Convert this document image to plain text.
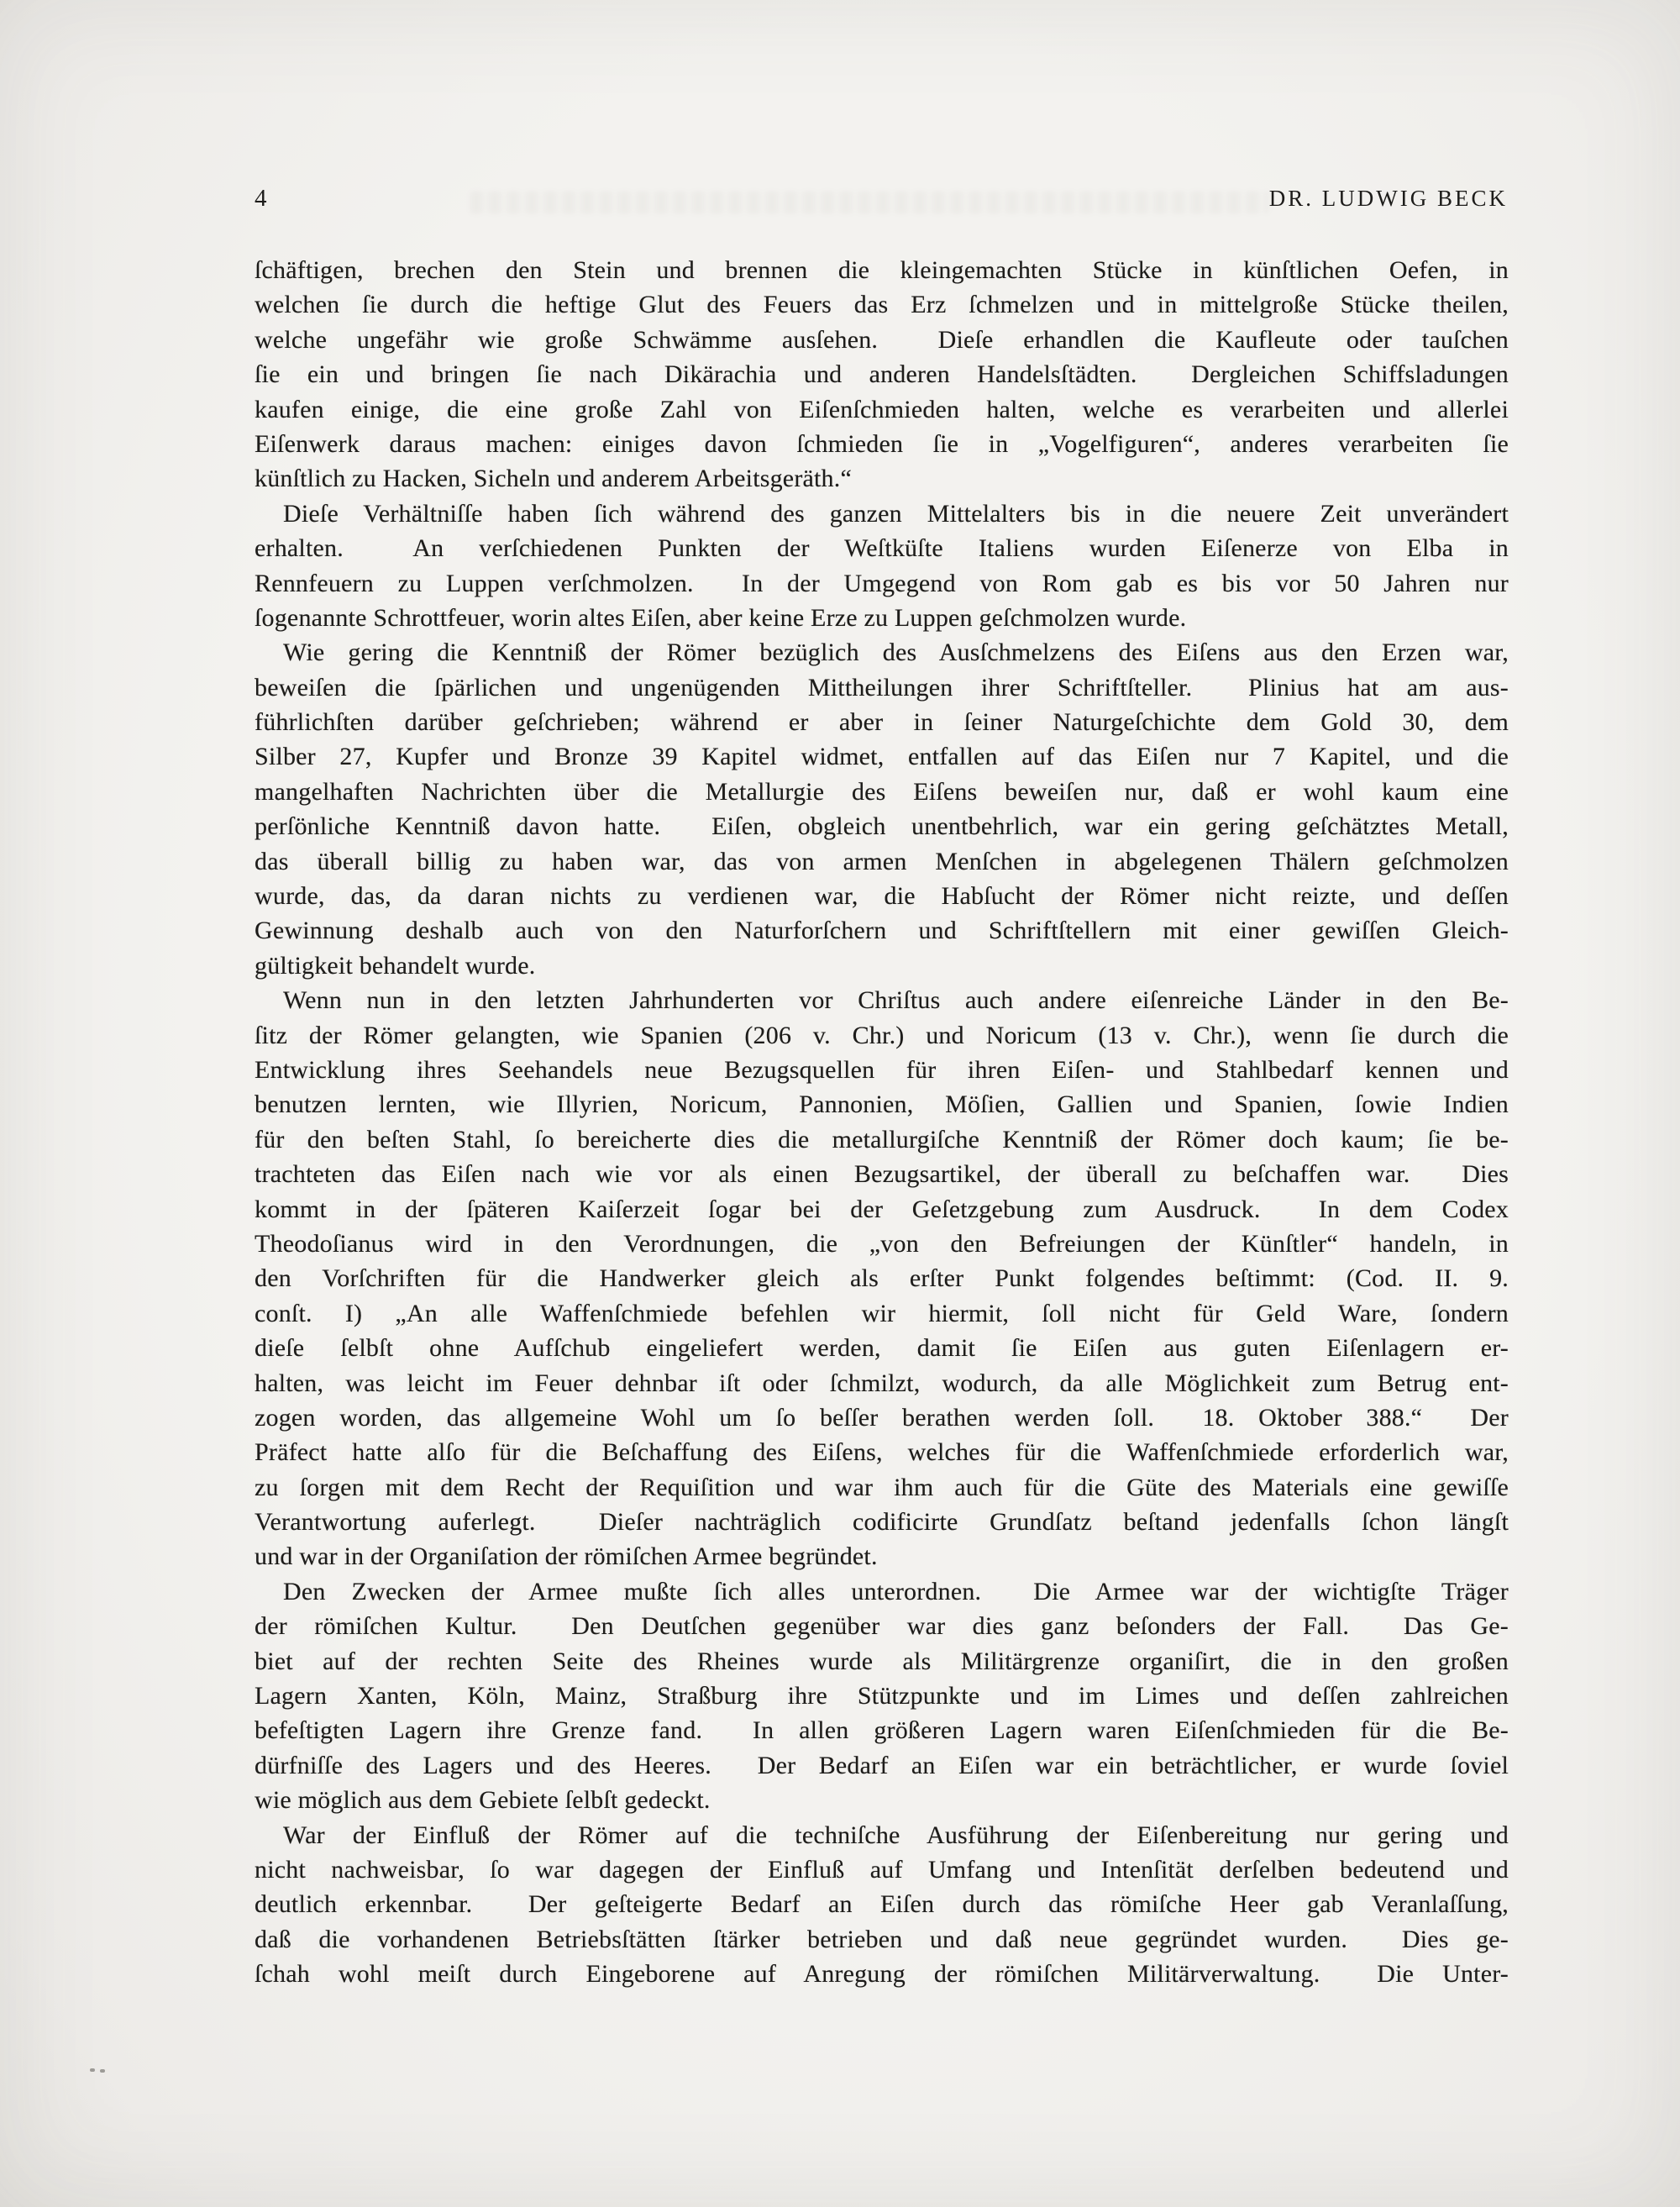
4	DR. LUDWIG BECK
ſchäftigen, brechen den Stein und brennen die kleingemachten Stücke in künſtlichen Oefen, in
welchen ſie durch die heftige Glut des Feuers das Erz ſchmelzen und in mittelgroße Stücke theilen,
welche ungefähr wie große Schwämme ausſehen.  Dieſe erhandlen die Kaufleute oder tauſchen
ſie ein und bringen ſie nach Dikärachia und anderen Handelsſtädten.  Dergleichen Schiffsladungen
kaufen einige, die eine große Zahl von Eiſenſchmieden halten, welche es verarbeiten und allerlei
Eiſenwerk daraus machen: einiges davon ſchmieden ſie in „Vogelfiguren“, anderes verarbeiten ſie
künſtlich zu Hacken, Sicheln und anderem Arbeitsgeräth.“
Dieſe Verhältniſſe haben ſich während des ganzen Mittelalters bis in die neuere Zeit unverändert
erhalten.  An verſchiedenen Punkten der Weſtküſte Italiens wurden Eiſenerze von Elba in
Rennfeuern zu Luppen verſchmolzen.  In der Umgegend von Rom gab es bis vor 50 Jahren nur
ſogenannte Schrottfeuer, worin altes Eiſen, aber keine Erze zu Luppen geſchmolzen wurde.
Wie gering die Kenntniß der Römer bezüglich des Ausſchmelzens des Eiſens aus den Erzen war,
beweiſen die ſpärlichen und ungenügenden Mittheilungen ihrer Schriftſteller.  Plinius hat am aus-
führlichſten darüber geſchrieben; während er aber in ſeiner Naturgeſchichte dem Gold 30, dem
Silber 27, Kupfer und Bronze 39 Kapitel widmet, entfallen auf das Eiſen nur 7 Kapitel, und die
mangelhaften Nachrichten über die Metallurgie des Eiſens beweiſen nur, daß er wohl kaum eine
perſönliche Kenntniß davon hatte.  Eiſen, obgleich unentbehrlich, war ein gering geſchätztes Metall,
das überall billig zu haben war, das von armen Menſchen in abgelegenen Thälern geſchmolzen
wurde, das, da daran nichts zu verdienen war, die Habſucht der Römer nicht reizte, und deſſen
Gewinnung deshalb auch von den Naturforſchern und Schriftſtellern mit einer gewiſſen Gleich-
gültigkeit behandelt wurde.
Wenn nun in den letzten Jahrhunderten vor Chriſtus auch andere eiſenreiche Länder in den Be-
ſitz der Römer gelangten, wie Spanien (206 v. Chr.) und Noricum (13 v. Chr.), wenn ſie durch die
Entwicklung ihres Seehandels neue Bezugsquellen für ihren Eiſen- und Stahlbedarf kennen und
benutzen lernten, wie Illyrien, Noricum, Pannonien, Möſien, Gallien und Spanien, ſowie Indien
für den beſten Stahl, ſo bereicherte dies die metallurgiſche Kenntniß der Römer doch kaum; ſie be-
trachteten das Eiſen nach wie vor als einen Bezugsartikel, der überall zu beſchaffen war.  Dies
kommt in der ſpäteren Kaiſerzeit ſogar bei der Geſetzgebung zum Ausdruck.  In dem Codex
Theodoſianus wird in den Verordnungen, die „von den Befreiungen der Künſtler“ handeln, in
den Vorſchriften für die Handwerker gleich als erſter Punkt folgendes beſtimmt: (Cod. II. 9.
conſt. I) „An alle Waffenſchmiede befehlen wir hiermit, ſoll nicht für Geld Ware, ſondern
dieſe ſelbſt ohne Aufſchub eingeliefert werden, damit ſie Eiſen aus guten Eiſenlagern er-
halten, was leicht im Feuer dehnbar iſt oder ſchmilzt, wodurch, da alle Möglichkeit zum Betrug ent-
zogen worden, das allgemeine Wohl um ſo beſſer berathen werden ſoll.  18. Oktober 388.“  Der
Präfect hatte alſo für die Beſchaffung des Eiſens, welches für die Waffenſchmiede erforderlich war,
zu ſorgen mit dem Recht der Requiſition und war ihm auch für die Güte des Materials eine gewiſſe
Verantwortung auferlegt.  Dieſer nachträglich codificirte Grundſatz beſtand jedenfalls ſchon längſt
und war in der Organiſation der römiſchen Armee begründet.
Den Zwecken der Armee mußte ſich alles unterordnen.  Die Armee war der wichtigſte Träger
der römiſchen Kultur.  Den Deutſchen gegenüber war dies ganz beſonders der Fall.  Das Ge-
biet auf der rechten Seite des Rheines wurde als Militärgrenze organiſirt, die in den großen
Lagern Xanten, Köln, Mainz, Straßburg ihre Stützpunkte und im Limes und deſſen zahlreichen
befeſtigten Lagern ihre Grenze fand.  In allen größeren Lagern waren Eiſenſchmieden für die Be-
dürfniſſe des Lagers und des Heeres.  Der Bedarf an Eiſen war ein beträchtlicher, er wurde ſoviel
wie möglich aus dem Gebiete ſelbſt gedeckt.
War der Einfluß der Römer auf die techniſche Ausführung der Eiſenbereitung nur gering und
nicht nachweisbar, ſo war dagegen der Einfluß auf Umfang und Intenſität derſelben bedeutend und
deutlich erkennbar.  Der geſteigerte Bedarf an Eiſen durch das römiſche Heer gab Veranlaſſung,
daß die vorhandenen Betriebsſtätten ſtärker betrieben und daß neue gegründet wurden.  Dies ge-
ſchah wohl meiſt durch Eingeborene auf Anregung der römiſchen Militärverwaltung.  Die Unter-
